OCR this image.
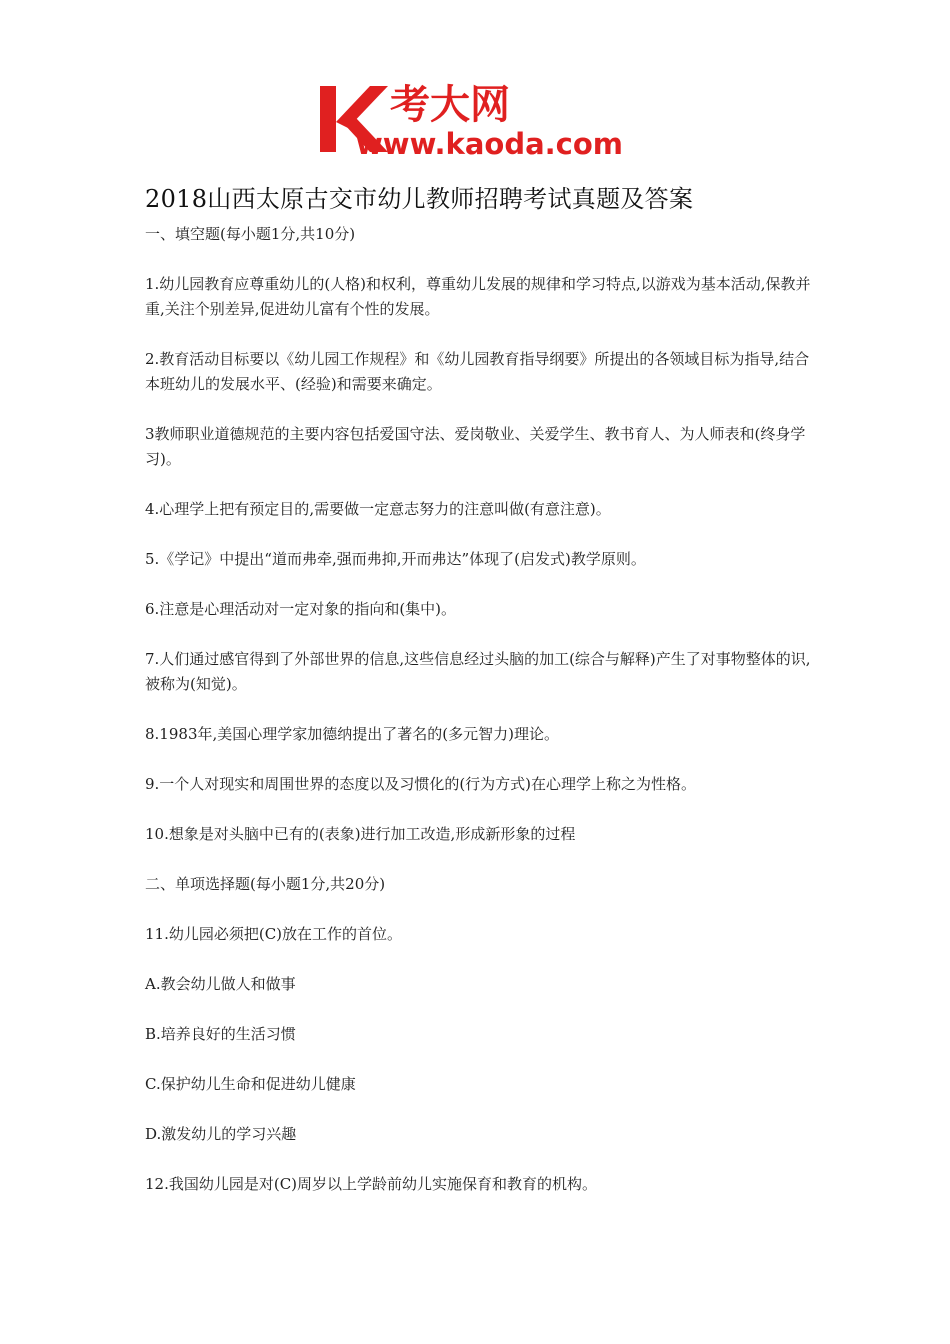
考大网
www.kaoda.com
2018山西太原古交市幼儿教师招聘考试真题及答案

一、填空题(每小题1分,共10分)

1.幼儿园教育应尊重幼儿的(人格)和权利，尊重幼儿发展的规律和学习特点,以游戏为基本活动,保教并重,关注个别差异,促进幼儿富有个性的发展。

2.教育活动目标要以《幼儿园工作规程》和《幼儿园教育指导纲要》所提出的各领域目标为指导,结合本班幼儿的发展水平、(经验)和需要来确定。

3教师职业道德规范的主要内容包括爱国守法、爱岗敬业、关爱学生、教书育人、为人师表和(终身学习)。

4.心理学上把有预定目的,需要做一定意志努力的注意叫做(有意注意)。

5.《学记》中提出“道而弗牵,强而弗抑,开而弗达”体现了(启发式)教学原则。

6.注意是心理活动对一定对象的指向和(集中)。

7.人们通过感官得到了外部世界的信息,这些信息经过头脑的加工(综合与解释)产生了对事物整体的识,被称为(知觉)。

8.1983年,美国心理学家加德纳提出了著名的(多元智力)理论。

9.一个人对现实和周围世界的态度以及习惯化的(行为方式)在心理学上称之为性格。

10.想象是对头脑中已有的(表象)进行加工改造,形成新形象的过程

二、单项选择题(每小题1分,共20分)

11.幼儿园必须把(C)放在工作的首位。

A.教会幼儿做人和做事

B.培养良好的生活习惯

C.保护幼儿生命和促进幼儿健康

D.激发幼儿的学习兴趣

12.我国幼儿园是对(C)周岁以上学龄前幼儿实施保育和教育的机构。
